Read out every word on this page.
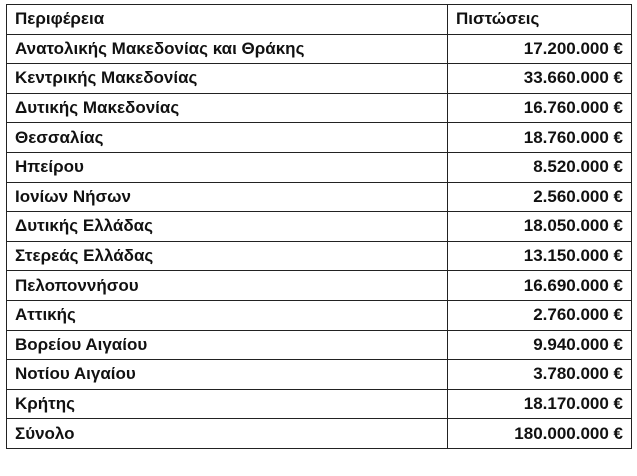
Περιφέρεια	Πιστώσεις
Ανατολικής Μακεδονίας και Θράκης	17.200.000 €
Κεντρικής Μακεδονίας	33.660.000 €
Δυτικής Μακεδονίας	16.760.000 €
Θεσσαλίας	18.760.000 €
Ηπείρου	8.520.000 €
Ιονίων Νήσων	2.560.000 €
Δυτικής Ελλάδας	18.050.000 €
Στερεάς Ελλάδας	13.150.000 €
Πελοποννήσου	16.690.000 €
Αττικής	2.760.000 €
Βορείου Αιγαίου	9.940.000 €
Νοτίου Αιγαίου	3.780.000 €
Κρήτης	18.170.000 €
Σύνολο	180.000.000 €
